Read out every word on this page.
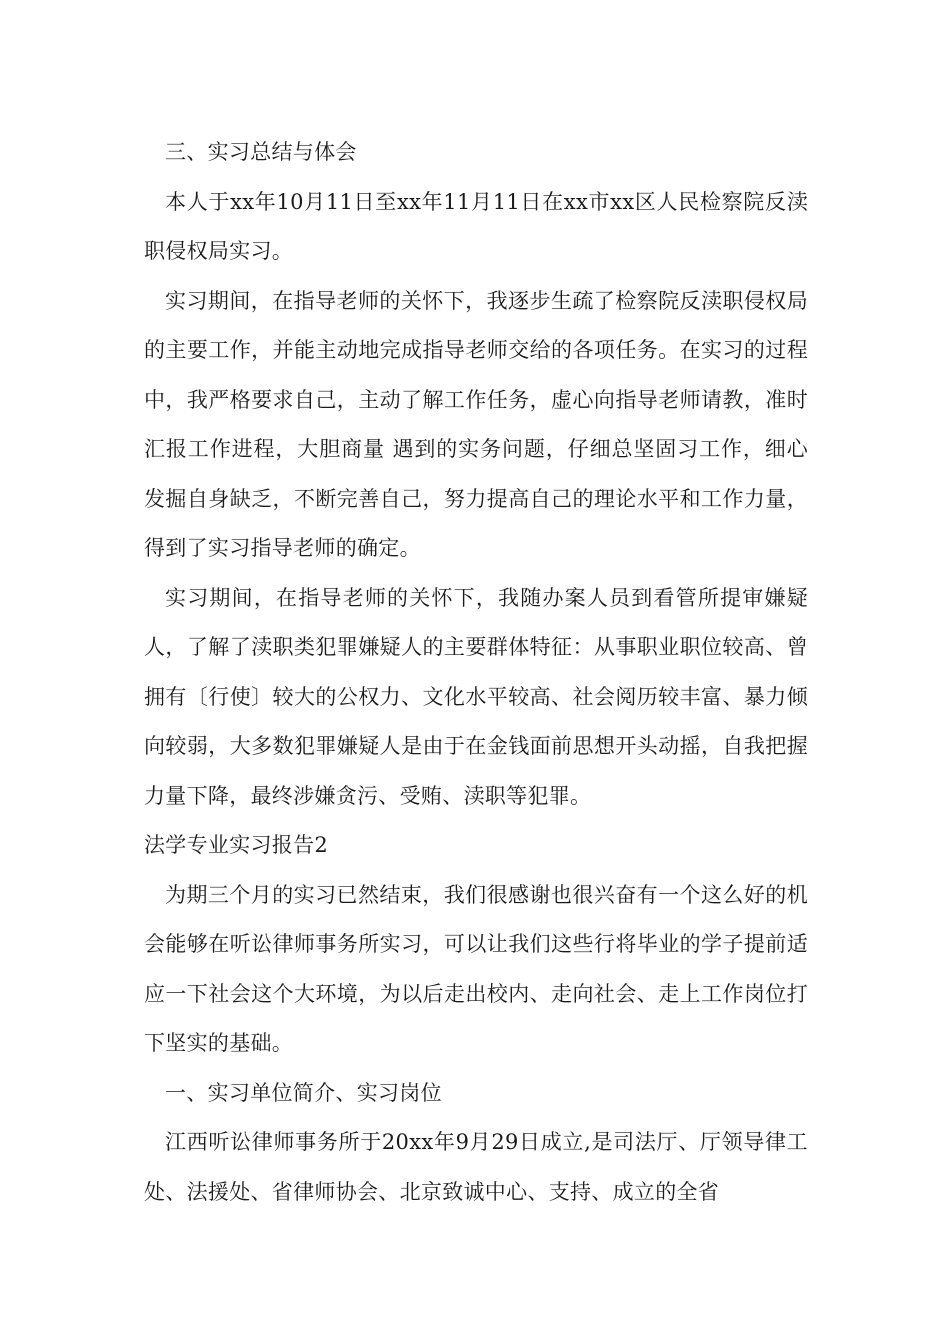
三、实习总结与体会

本人于xx年10月11日至xx年11月11日在xx市xx区人民检察院反渎职侵权局实习。

实习期间，在指导老师的关怀下，我逐步生疏了检察院反渎职侵权局的主要工作，并能主动地完成指导老师交给的各项任务。在实习的过程中，我严格要求自己，主动了解工作任务，虚心向指导老师请教，准时汇报工作进程，大胆商量 遇到的实务问题，仔细总坚固习工作，细心发掘自身缺乏，不断完善自己，努力提高自己的理论水平和工作力量，得到了实习指导老师的确定。

实习期间，在指导老师的关怀下，我随办案人员到看管所提审嫌疑人，了解了渎职类犯罪嫌疑人的主要群体特征：从事职业职位较高、曾拥有〔行使〕较大的公权力、文化水平较高、社会阅历较丰富、暴力倾向较弱，大多数犯罪嫌疑人是由于在金钱面前思想开头动摇，自我把握力量下降，最终涉嫌贪污、受贿、渎职等犯罪。

法学专业实习报告2

为期三个月的实习已然结束，我们很感谢也很兴奋有一个这么好的机会能够在听讼律师事务所实习，可以让我们这些行将毕业的学子提前适应一下社会这个大环境，为以后走出校内、走向社会、走上工作岗位打下坚实的基础。

一、实习单位简介、实习岗位

江西听讼律师事务所于20xx年9月29日成立,是司法厅、厅领导律工处、法援处、省律师协会、北京致诚中心、支持、成立的全省
